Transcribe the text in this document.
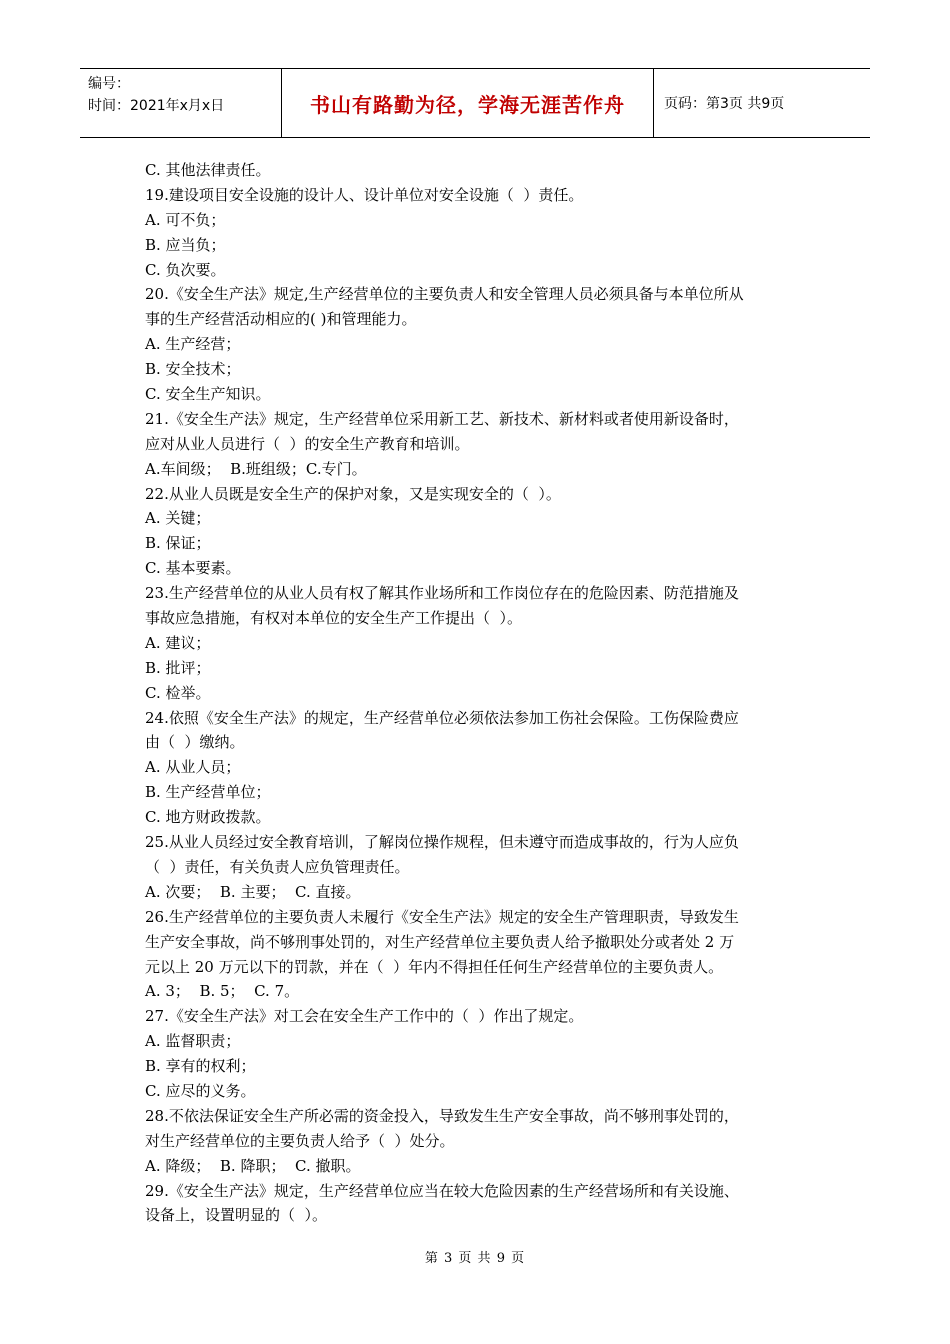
编号：
时间：2021年x月x日	书山有路勤为径，学海无涯苦作舟	页码：第3页 共9页
C. 其他法律责任。
19.建设项目安全设施的设计人、设计单位对安全设施（  ）责任。
A. 可不负；
B. 应当负；
C. 负次要。
20.《安全生产法》规定,生产经营单位的主要负责人和安全管理人员必须具备与本单位所从
事的生产经营活动相应的( )和管理能力。
A. 生产经营；
B. 安全技术；
C. 安全生产知识。
21.《安全生产法》规定，生产经营单位采用新工艺、新技术、新材料或者使用新设备时，
应对从业人员进行（  ）的安全生产教育和培训。
A.车间级；  B.班组级；C.专门。
22.从业人员既是安全生产的保护对象，又是实现安全的（  ）。
A. 关键；
B. 保证；
C. 基本要素。
23.生产经营单位的从业人员有权了解其作业场所和工作岗位存在的危险因素、防范措施及
事故应急措施，有权对本单位的安全生产工作提出（  ）。
A. 建议；
B. 批评；
C. 检举。
24.依照《安全生产法》的规定，生产经营单位必须依法参加工伤社会保险。工伤保险费应
由（  ）缴纳。
A. 从业人员；
B. 生产经营单位；
C. 地方财政拨款。
25.从业人员经过安全教育培训，了解岗位操作规程，但未遵守而造成事故的，行为人应负
（  ）责任，有关负责人应负管理责任。
A. 次要；  B. 主要；  C. 直接。
26.生产经营单位的主要负责人未履行《安全生产法》规定的安全生产管理职责，导致发生
生产安全事故，尚不够刑事处罚的，对生产经营单位主要负责人给予撤职处分或者处 2 万
元以上 20 万元以下的罚款，并在（  ）年内不得担任任何生产经营单位的主要负责人。
A. 3；  B. 5；  C. 7。
27.《安全生产法》对工会在安全生产工作中的（  ）作出了规定。
A. 监督职责；
B. 享有的权利；
C. 应尽的义务。
28.不依法保证安全生产所必需的资金投入，导致发生生产安全事故，尚不够刑事处罚的，
对生产经营单位的主要负责人给予（  ）处分。
A. 降级；  B. 降职；  C. 撤职。
29.《安全生产法》规定，生产经营单位应当在较大危险因素的生产经营场所和有关设施、
设备上，设置明显的（  ）。
第 3 页 共 9 页
